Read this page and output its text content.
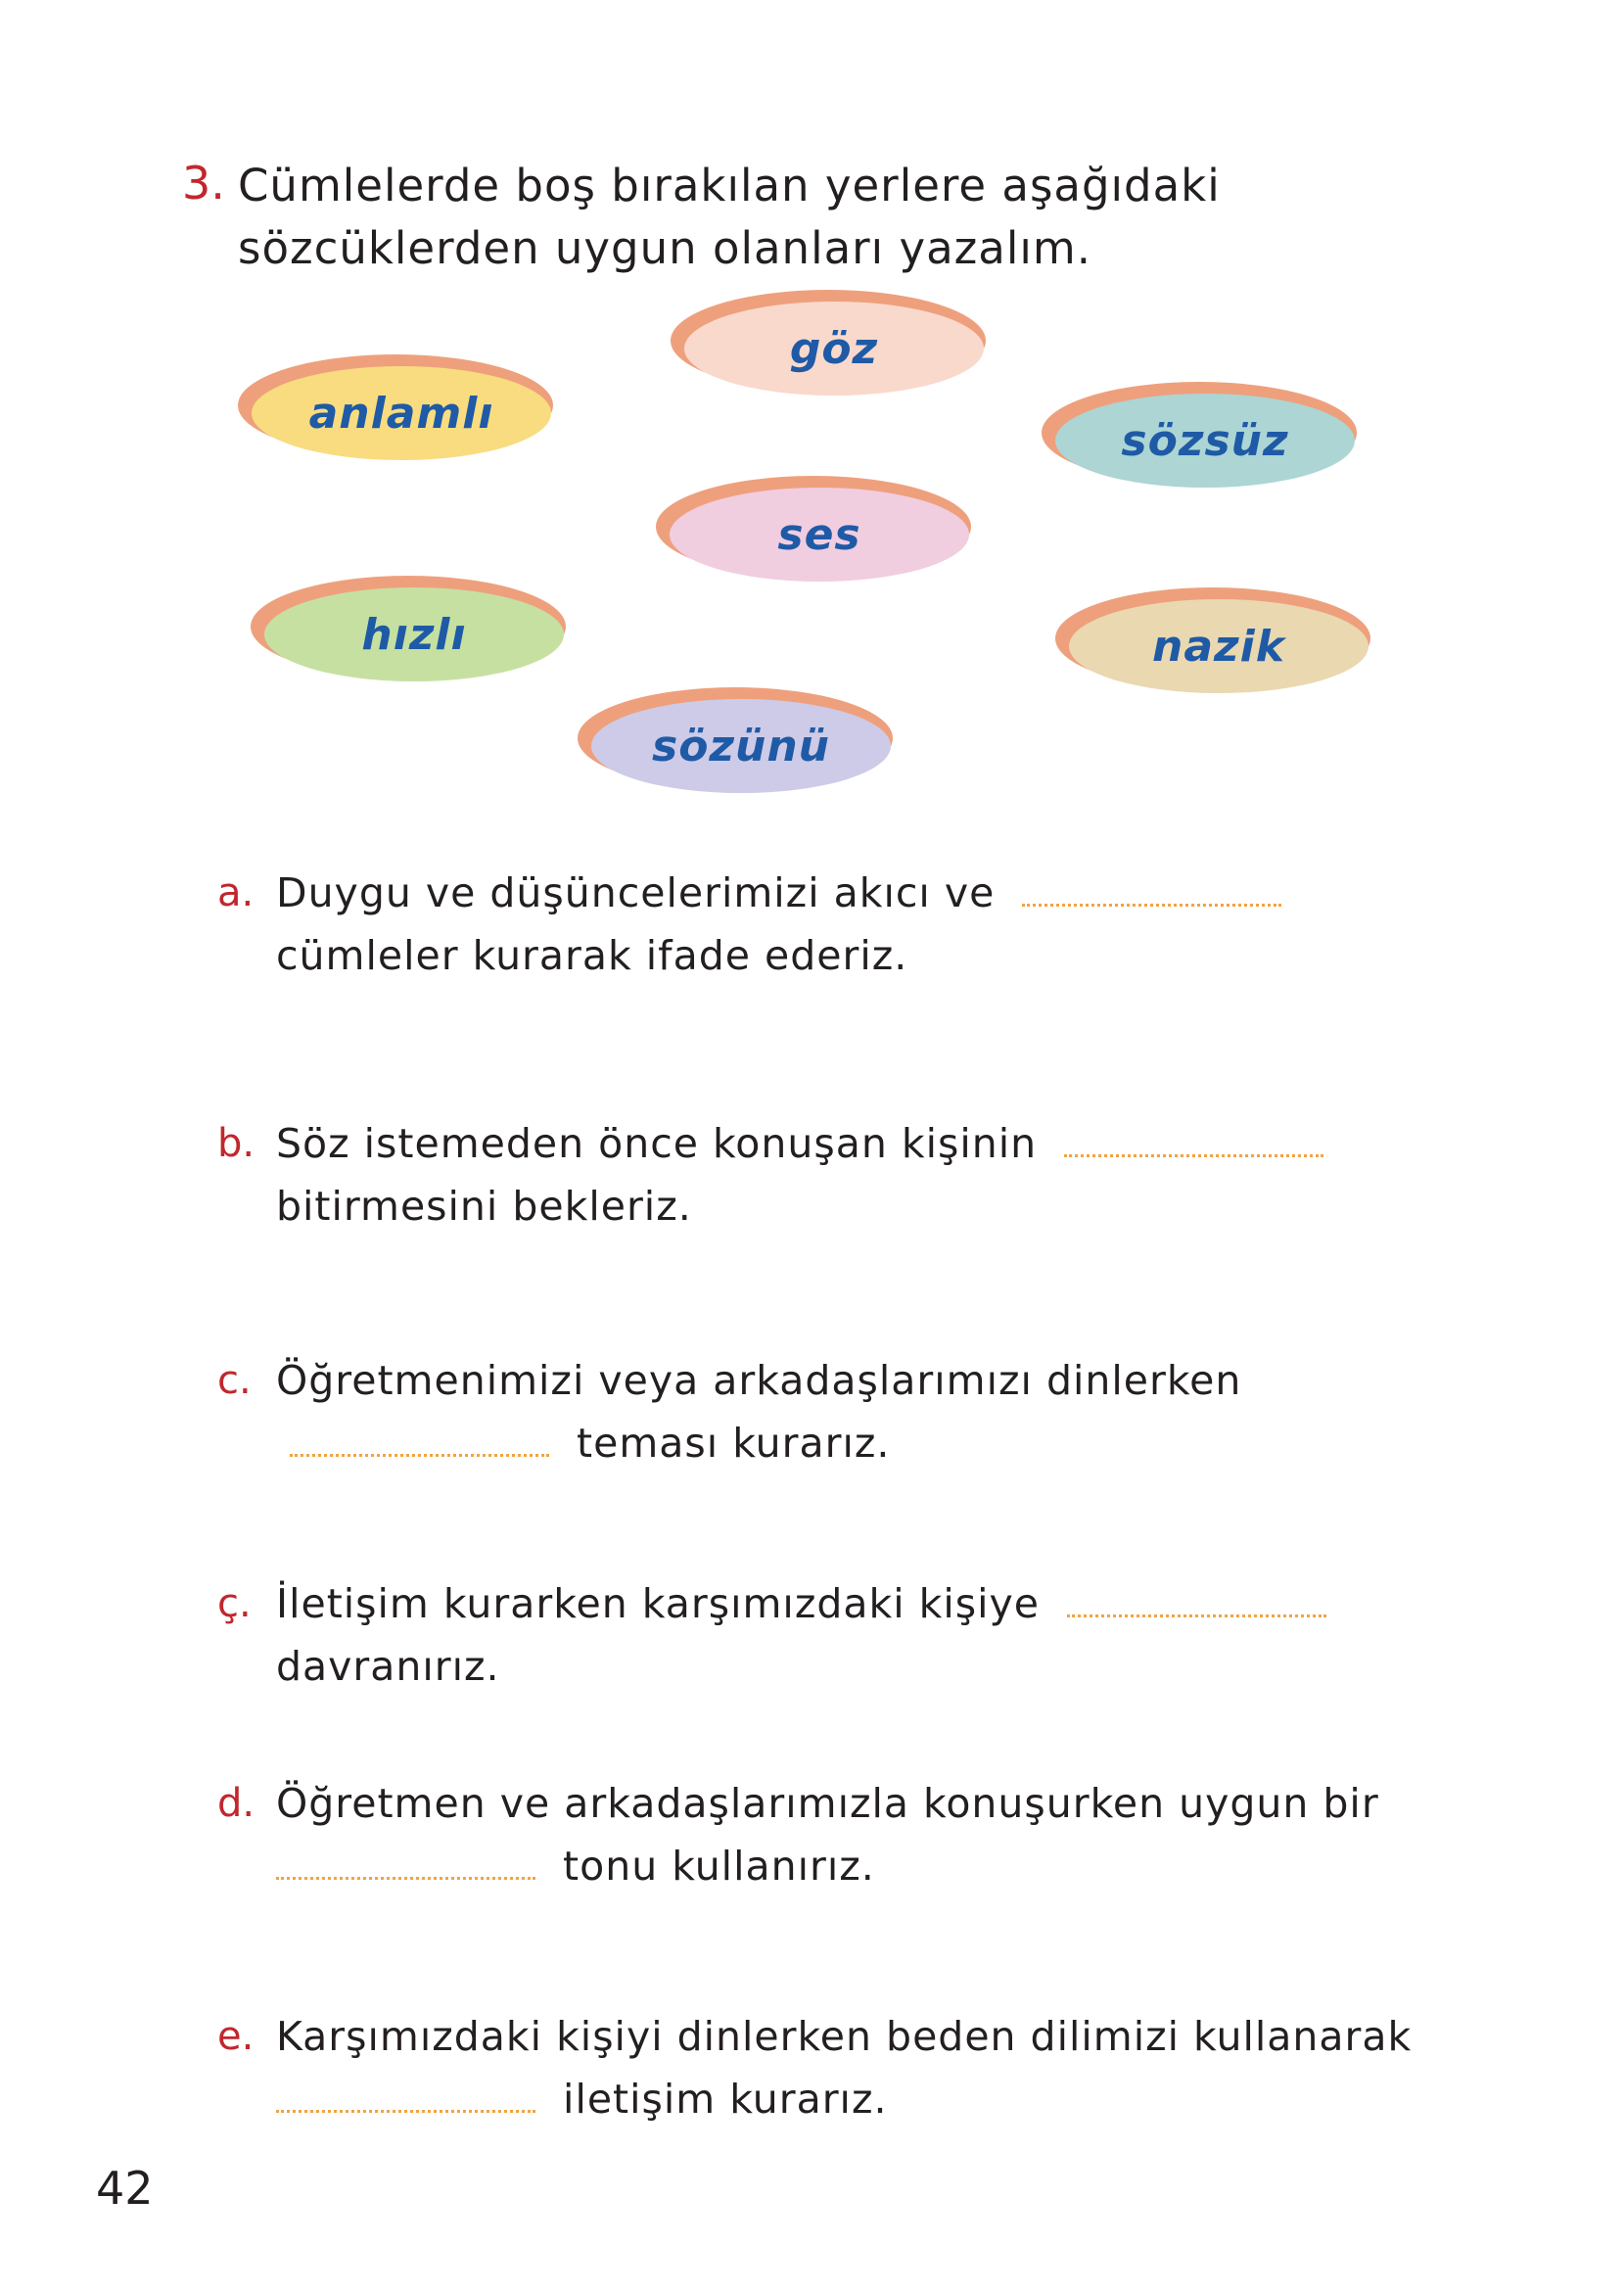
3. Cümlelerde boş bırakılan yerlere aşağıdaki sözcüklerden uygun olanları yazalım.
anlamlı
göz
sözsüz
ses
hızlı	nazik
sözünü
a. Duygu ve düşüncelerimizi akıcı ve  cümleler kurarak ifade ederiz.
b. Söz istemeden önce konuşan kişinin  bitirmesini bekleriz.
c. Öğretmenimizi veya arkadaşlarımızı dinlerken  teması kurarız.
ç. İletişim kurarken karşımızdaki kişiye  davranırız.
d. Öğretmen ve arkadaşlarımızla konuşurken uygun bir  tonu kullanırız.
e. Karşımızdaki kişiyi dinlerken beden dilimizi kullanarak  iletişim kurarız.
42
